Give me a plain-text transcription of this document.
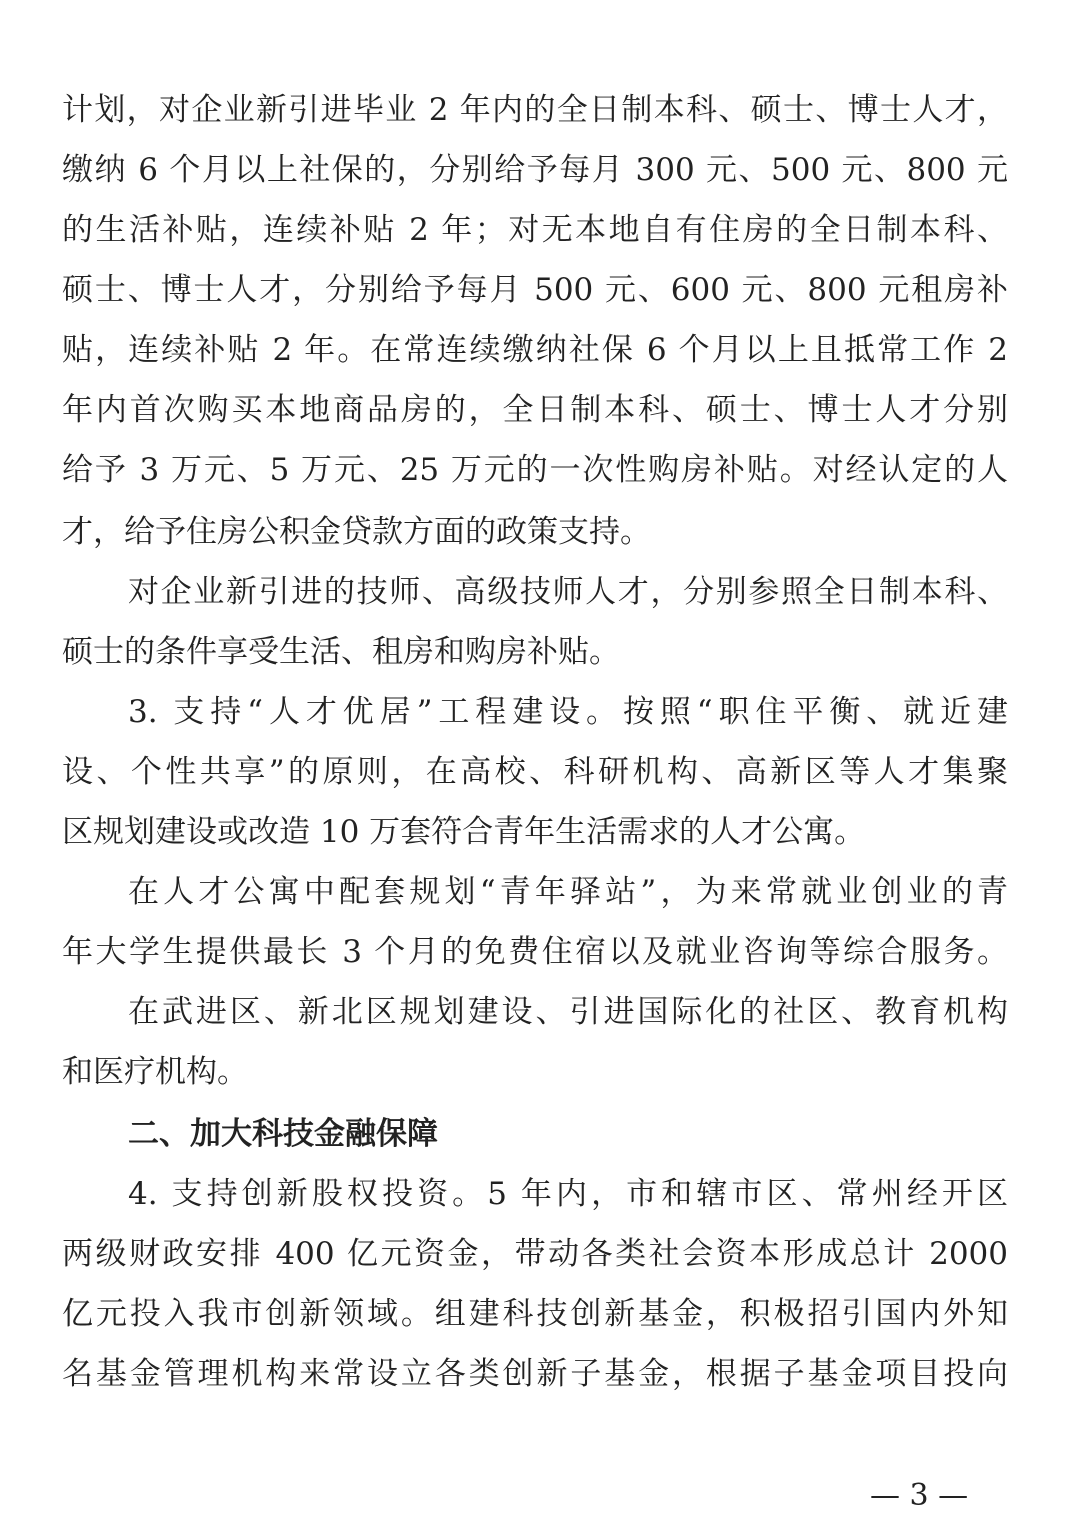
计划，对企业新引进毕业 2 年内的全日制本科、硕士、博士人才，
缴纳 6 个月以上社保的，分别给予每月 300 元、500 元、800 元
的生活补贴，连续补贴 2 年；对无本地自有住房的全日制本科、
硕士、博士人才，分别给予每月 500 元、600 元、800 元租房补
贴，连续补贴 2 年。在常连续缴纳社保 6 个月以上且抵常工作 2
年内首次购买本地商品房的，全日制本科、硕士、博士人才分别
给予 3 万元、5 万元、25 万元的一次性购房补贴。对经认定的人
才，给予住房公积金贷款方面的政策支持。
对企业新引进的技师、高级技师人才，分别参照全日制本科、
硕士的条件享受生活、租房和购房补贴。
3. 支持“人才优居”工程建设。按照“职住平衡、就近建
设、个性共享”的原则，在高校、科研机构、高新区等人才集聚
区规划建设或改造 10 万套符合青年生活需求的人才公寓。
在人才公寓中配套规划“青年驿站”，为来常就业创业的青
年大学生提供最长 3 个月的免费住宿以及就业咨询等综合服务。
在武进区、新北区规划建设、引进国际化的社区、教育机构
和医疗机构。
二、加大科技金融保障
4. 支持创新股权投资。5 年内，市和辖市区、常州经开区
两级财政安排 400 亿元资金，带动各类社会资本形成总计 2000
亿元投入我市创新领域。组建科技创新基金，积极招引国内外知
名基金管理机构来常设立各类创新子基金，根据子基金项目投向
— 3 —
